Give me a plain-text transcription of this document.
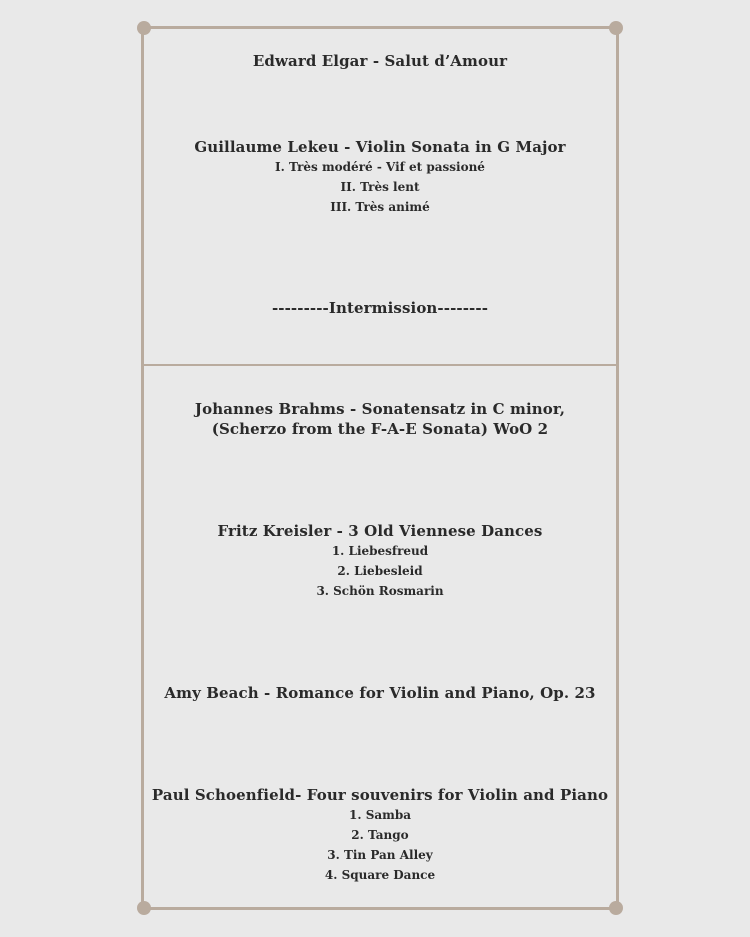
Edward Elgar - Salut d’Amour
Guillaume Lekeu - Violin Sonata in G Major
I. Très modéré - Vif et passioné
II. Très lent
III. Très animé
---------Intermission--------
Johannes Brahms - Sonatensatz in C minor,
(Scherzo from the F-A-E Sonata) WoO 2
Fritz Kreisler - 3 Old Viennese Dances
1. Liebesfreud
2. Liebesleid
3. Schön Rosmarin
Amy Beach - Romance for Violin and Piano, Op. 23
Paul Schoenfield- Four souvenirs for Violin and Piano
1. Samba
2. Tango
3. Tin Pan Alley
4. Square Dance
